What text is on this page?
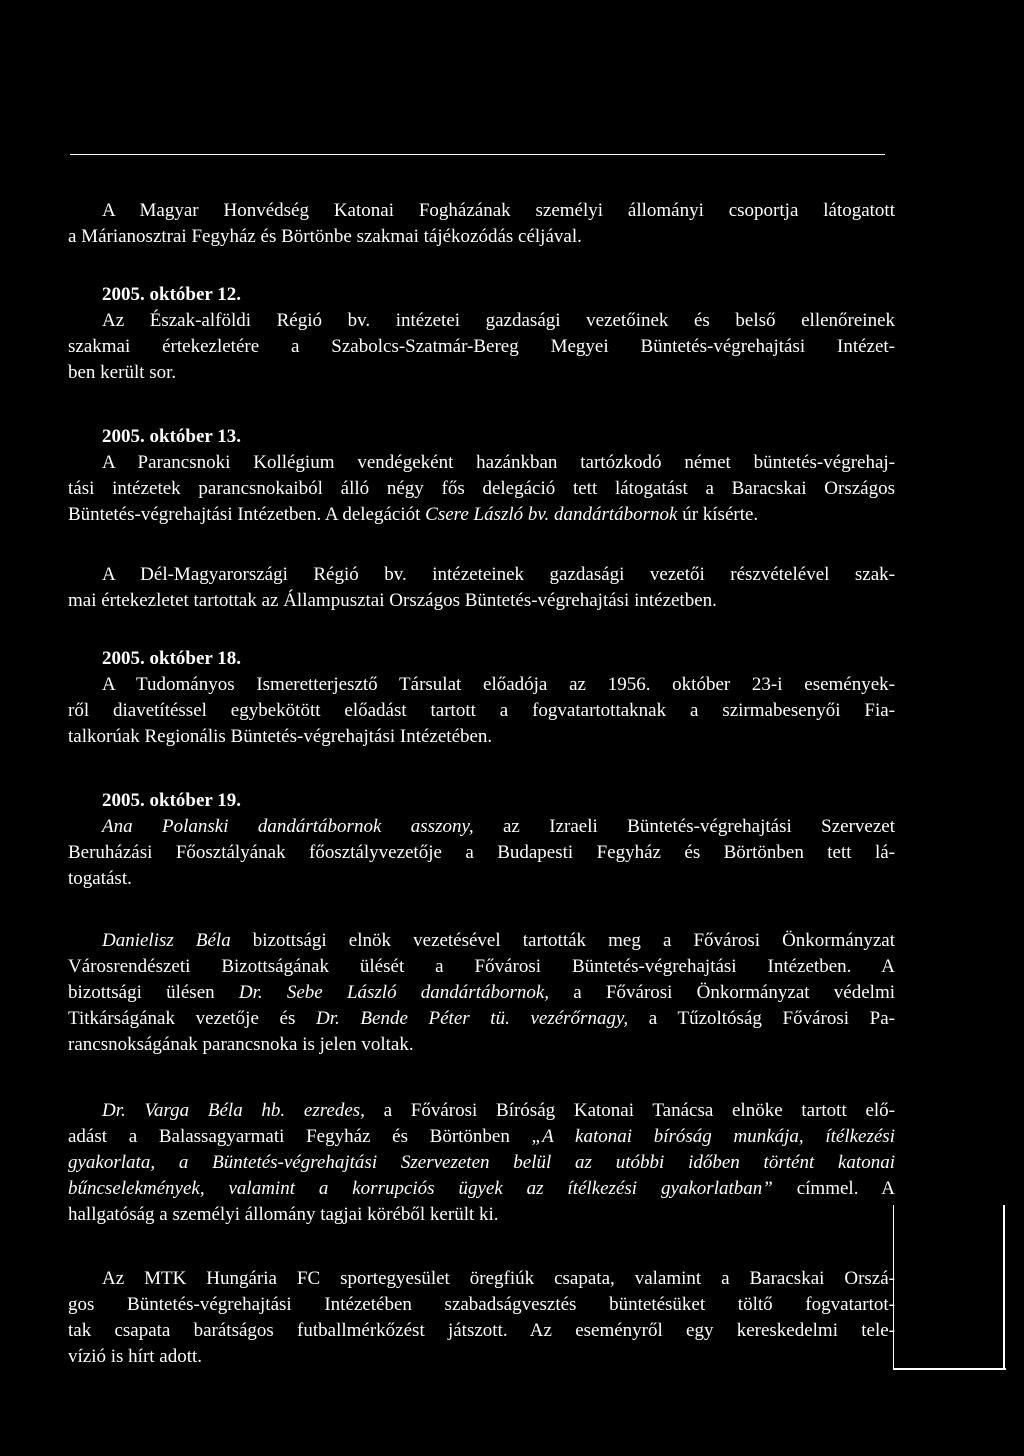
A Magyar Honvédség Katonai Fogházának személyi állományi csoportja látogatott
a Márianosztrai Fegyház és Börtönbe szakmai tájékozódás céljával.
2005. október 12.
Az Észak-alföldi Régió bv. intézetei gazdasági vezetőinek és belső ellenőreinek
szakmai értekezletére a Szabolcs-Szatmár-Bereg Megyei Büntetés-végrehajtási Intézet-
ben került sor.
2005. október 13.
A Parancsnoki Kollégium vendégeként hazánkban tartózkodó német büntetés-végrehaj-
tási intézetek parancsnokaiból álló négy fős delegáció tett látogatást a Baracskai Országos
Büntetés-végrehajtási Intézetben. A delegációt Csere László bv. dandártábornok úr kísérte.
A Dél-Magyarországi Régió bv. intézeteinek gazdasági vezetői részvételével szak-
mai értekezletet tartottak az Állampusztai Országos Büntetés-végrehajtási intézetben.
2005. október 18.
A Tudományos Ismeretterjesztő Társulat előadója az 1956. október 23-i események-
ről diavetítéssel egybekötött előadást tartott a fogvatartottaknak a szirmabesenyői Fia-
talkorúak Regionális Büntetés-végrehajtási Intézetében.
2005. október 19.
Ana Polanski dandártábornok asszony, az Izraeli Büntetés-végrehajtási Szervezet
Beruházási Főosztályának főosztályvezetője a Budapesti Fegyház és Börtönben tett lá-
togatást.
Danielisz Béla bizottsági elnök vezetésével tartották meg a Fővárosi Önkormányzat
Városrendészeti Bizottságának ülését a Fővárosi Büntetés-végrehajtási Intézetben. A
bizottsági ülésen Dr. Sebe László dandártábornok, a Fővárosi Önkormányzat védelmi
Titkárságának vezetője és Dr. Bende Péter tü. vezérőrnagy, a Tűzoltóság Fővárosi Pa-
rancsnokságának parancsnoka is jelen voltak.
Dr. Varga Béla hb. ezredes, a Fővárosi Bíróság Katonai Tanácsa elnöke tartott elő-
adást a Balassagyarmati Fegyház és Börtönben „A katonai bíróság munkája, ítélkezési
gyakorlata, a Büntetés-végrehajtási Szervezeten belül az utóbbi időben történt katonai
bűncselekmények, valamint a korrupciós ügyek az ítélkezési gyakorlatban” címmel. A
hallgatóság a személyi állomány tagjai köréből került ki.
Az MTK Hungária FC sportegyesület öregfiúk csapata, valamint a Baracskai Orszá-
gos Büntetés-végrehajtási Intézetében szabadságvesztés büntetésüket töltő fogvatartot-
tak csapata barátságos futballmérkőzést játszott. Az eseményről egy kereskedelmi tele-
vízió is hírt adott.
